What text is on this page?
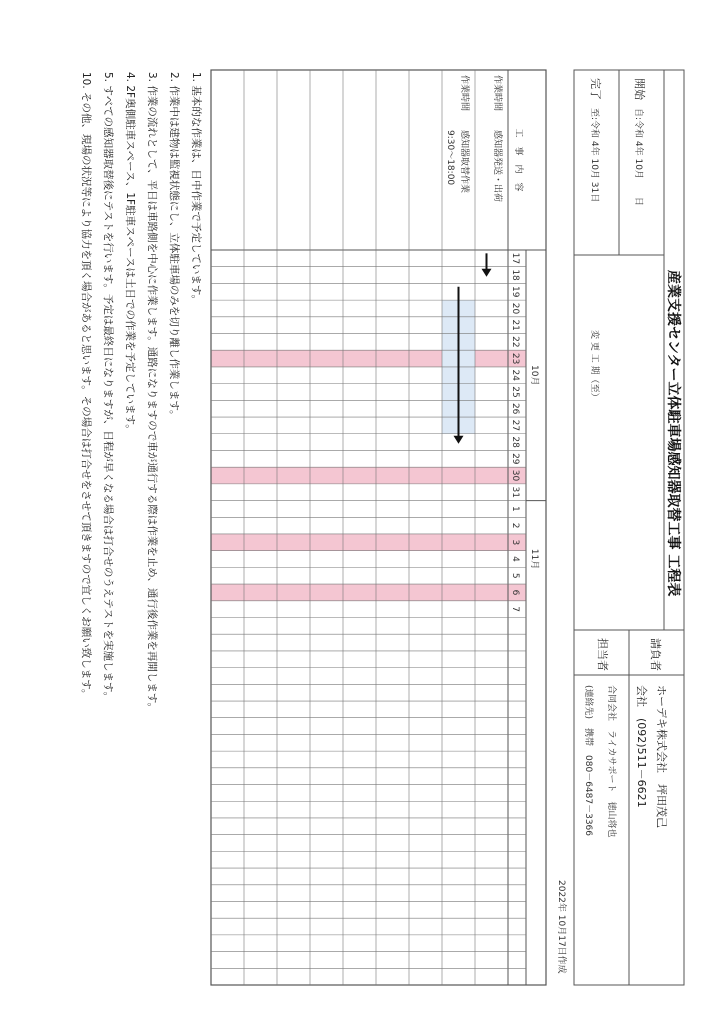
産業支援センター立体駐車場感知器取替工事 工程表
開始
自:令和 4年 10月　　日
完了
至:令和 4年 10月 31日
変 更 工 期（至）
請負者
ホーデキ株式会社　坪田茂己
会社　(092)511－6621
担当者
合同会社　ライカサポート　徳山将也
(連絡先)　携帯　080－6487－3366
2022年 10月17日作成
工　事　内　容
10月
11月
17
18
19
20
21
22
23
24
25
26
27
28
29
30
31
1
2
3
4
5
6
7
作業時間
感知器発送・出荷
作業時間
感知器取替作業
9:30～18:00
1. 基本的な作業は、日中作業で予定しています。
2. 作業中は建物は監視状態にし、立体駐車場のみを切り離し作業します。
3. 作業の流れとして、平日は車路側を中心に作業します。通路になりますので車が通行する際は作業を止め、通行後作業を再開します。
4. 2F奥側駐車スペース、1F駐車スペースは土日での作業を予定しています。
5. すべての感知器取替後にテストを行います。予定は最終日になりますが、日程が早くなる場合は打合せのうえテストを実施します。
10. その他、現場の状況等により協力を頂く場合があると思います。その場合は打合せをさせて頂きますので宜しくお願い致します。
